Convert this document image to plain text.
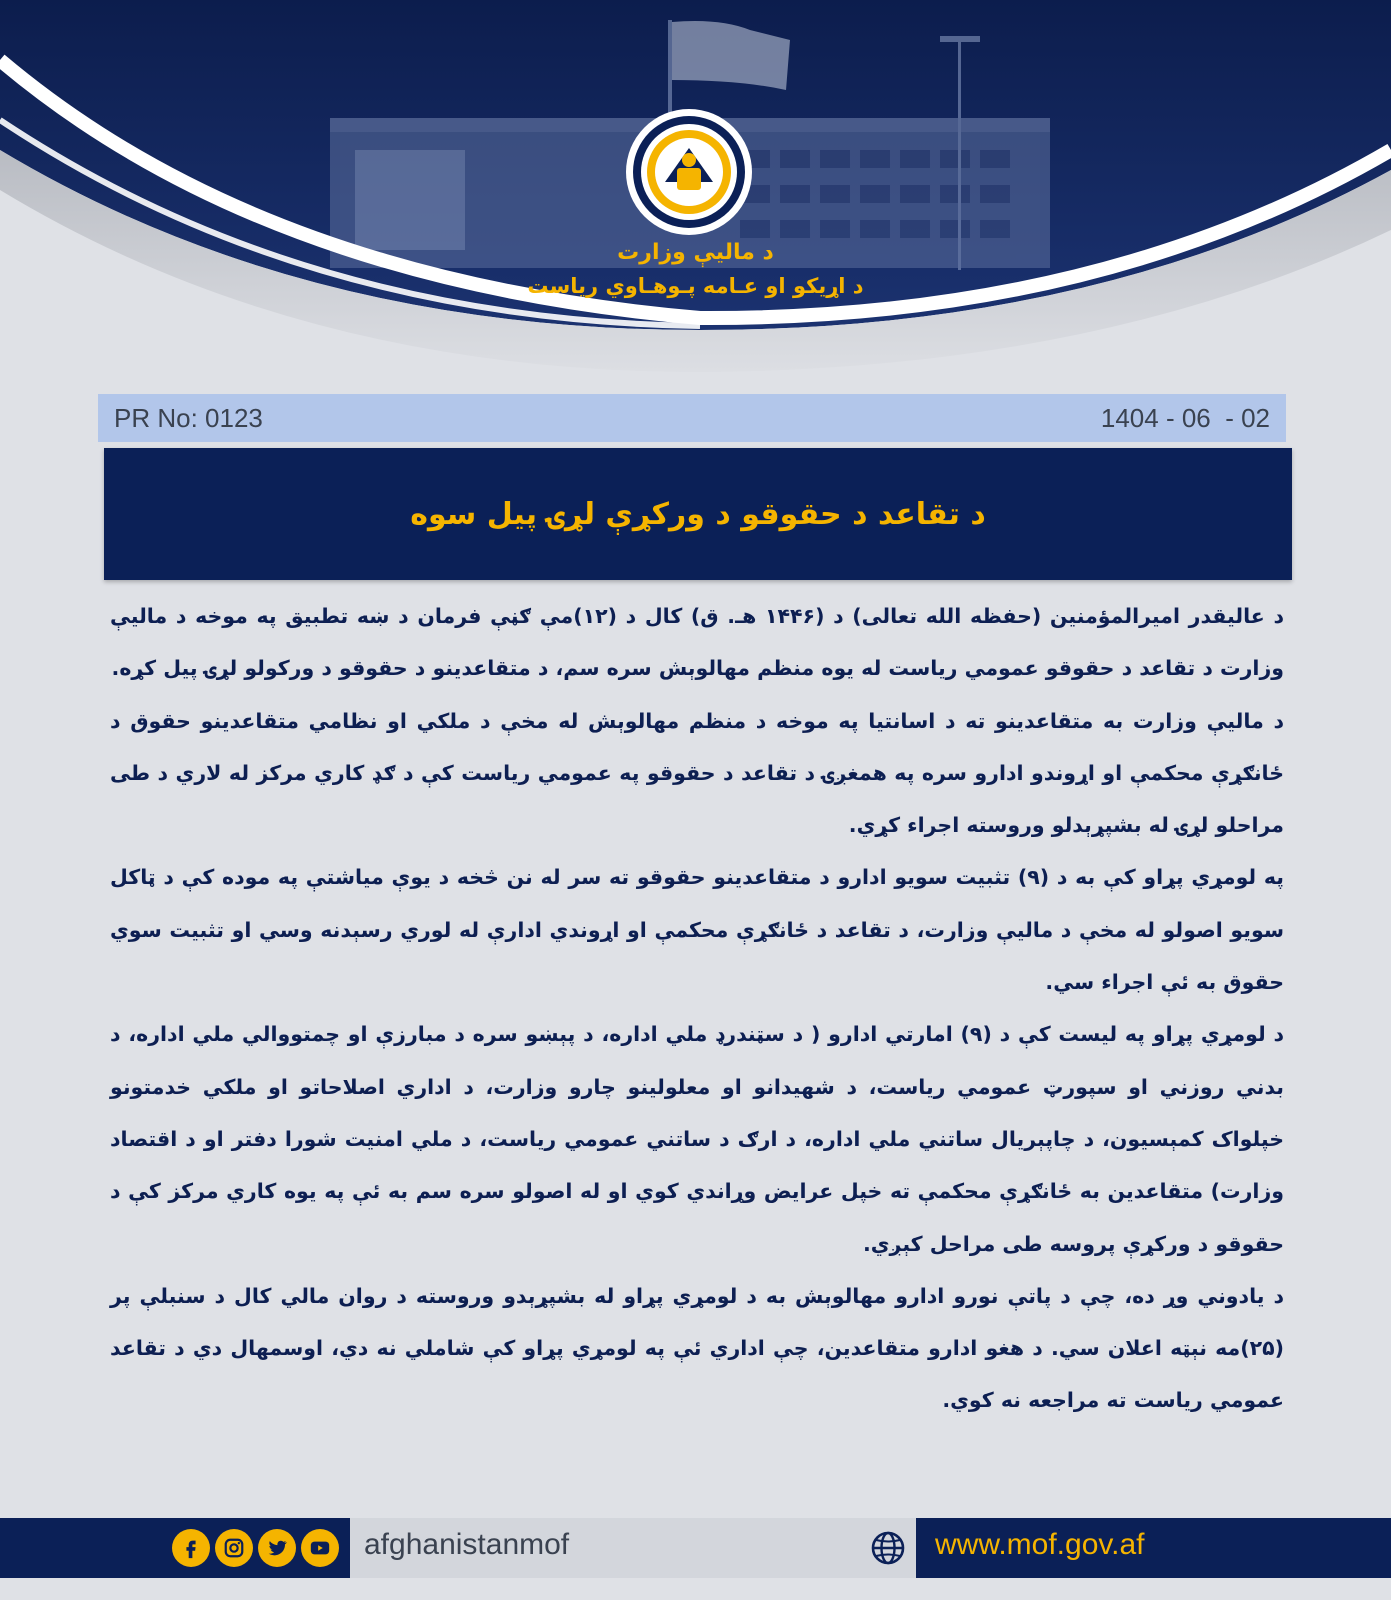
د مالیې وزارت
د اړیکو او عـامه پـوهـاوي ریاست
PR No: 0123	1404 - 06  - 02
د تقاعد د حقوقو د ورکړې لړۍ پیل سوه

د عالیقدر امیرالمؤمنین (حفظه الله تعالی) د (۱۴۴۶ هـ. ق) کال د (۱۲)مې ګڼې فرمان د ښه تطبیق په موخه د مالیې وزارت د تقاعد د حقوقو عمومي ریاست له یوه منظم مهالوېش سره سم، د متقاعدینو د حقوقو د ورکولو لړۍ پیل کړه.

د مالیې وزارت به متقاعدینو ته د اسانتیا په موخه د منظم مهالوېش له مخې د ملکي او نظامي متقاعدینو حقوق د ځانګړې محکمې او اړوندو ادارو سره په همغږۍ د تقاعد د حقوقو په عمومي ریاست کې د ګډ کاري مرکز له لاري د طی مراحلو لړۍ له بشپړېدلو وروسته اجراء کړي.

په لومړي پړاو کې به د (۹) تثبیت سویو ادارو د متقاعدینو حقوقو ته سر له نن څخه د یوې میاشتې په موده کې د ټاکل سویو اصولو له مخې د مالیې وزارت، د تقاعد د ځانګړې محکمې او اړوندي ادارې له لوري رسېدنه وسي او تثبیت سوي حقوق به ئې اجراء سي.

د لومړي پړاو په لیست کې د (۹) امارتي ادارو ( د سټندرډ ملي اداره، د پېښو سره د مبارزې او چمتووالي ملي اداره، د بدني روزني او سپورټ عمومي ریاست، د شهیدانو او معلولینو چارو وزارت، د اداري اصلاحاتو او ملکي خدمتونو خپلواک کمېسیون، د چاپېریال ساتني ملي اداره، د ارګ د ساتني عمومي ریاست، د ملي امنیت شورا دفتر او د اقتصاد وزارت) متقاعدین به ځانګړې محکمې ته خپل عرایض وړاندي کوي او له اصولو سره سم به ئې په یوه کاري مرکز کې د حقوقو د ورکړې پروسه طی مراحل کېږي.

د یادوني وړ ده، چې د پاتې نورو ادارو مهالوېش به د لومړي پړاو له بشپړېدو وروسته د روان مالي کال د سنبلې پر (۲۵)مه نېټه اعلان سي. د هغو ادارو متقاعدین، چې اداري ئې په لومړي پړاو کې شاملي نه دي، اوسمهال دي د تقاعد عمومي ریاست ته مراجعه نه کوي.

afghanistanmof	www.mof.gov.af
